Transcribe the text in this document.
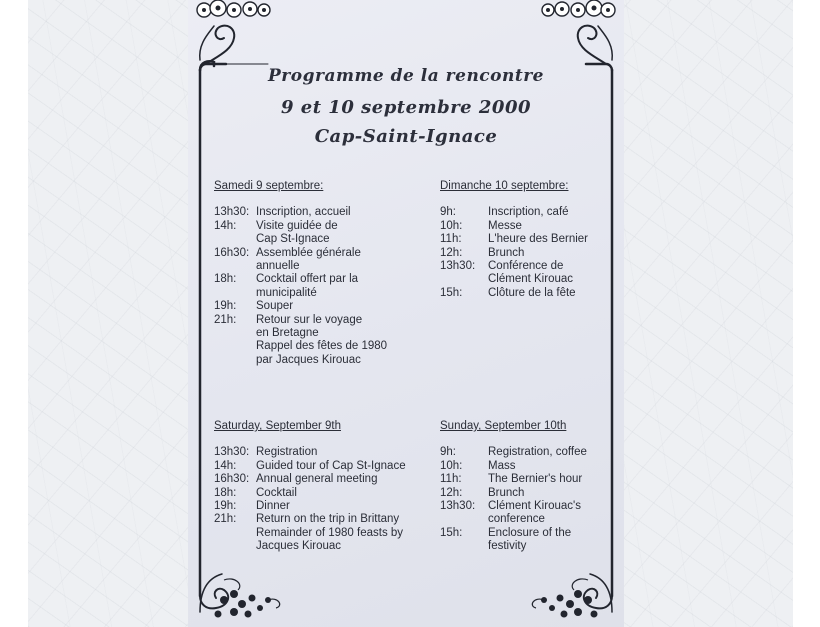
Programme de la rencontre
9 et 10 septembre 2000
Cap-Saint-Ignace
Samedi 9 septembre:
13h30: Inscription, accueil
14h:	Visite guidée de
Cap St-Ignace
16h30: Assemblée générale
annuelle
18h:	Cocktail offert par la
municipalité
19h:	Souper
21h:	Retour sur le voyage
en Bretagne
Rappel des fêtes de 1980
par Jacques Kirouac
Dimanche 10 septembre:
9h:	Inscription, café
10h:	Messe
11h:	L'heure des Bernier
12h:	Brunch
13h30:	Conférence de
Clément Kirouac
15h:	Clôture de la fête
Saturday, September 9th
13h30: Registration
14h:	Guided tour of Cap St-Ignace
16h30: Annual general meeting
18h:	Cocktail
19h:	Dinner
21h:	Return on the trip in Brittany
Remainder of 1980 feasts by
Jacques Kirouac
Sunday, September 10th
9h:	Registration, coffee
10h:	Mass
11h:	The Bernier's hour
12h:	Brunch
13h30:	Clément Kirouac's
conference
15h:	Enclosure of the
festivity
